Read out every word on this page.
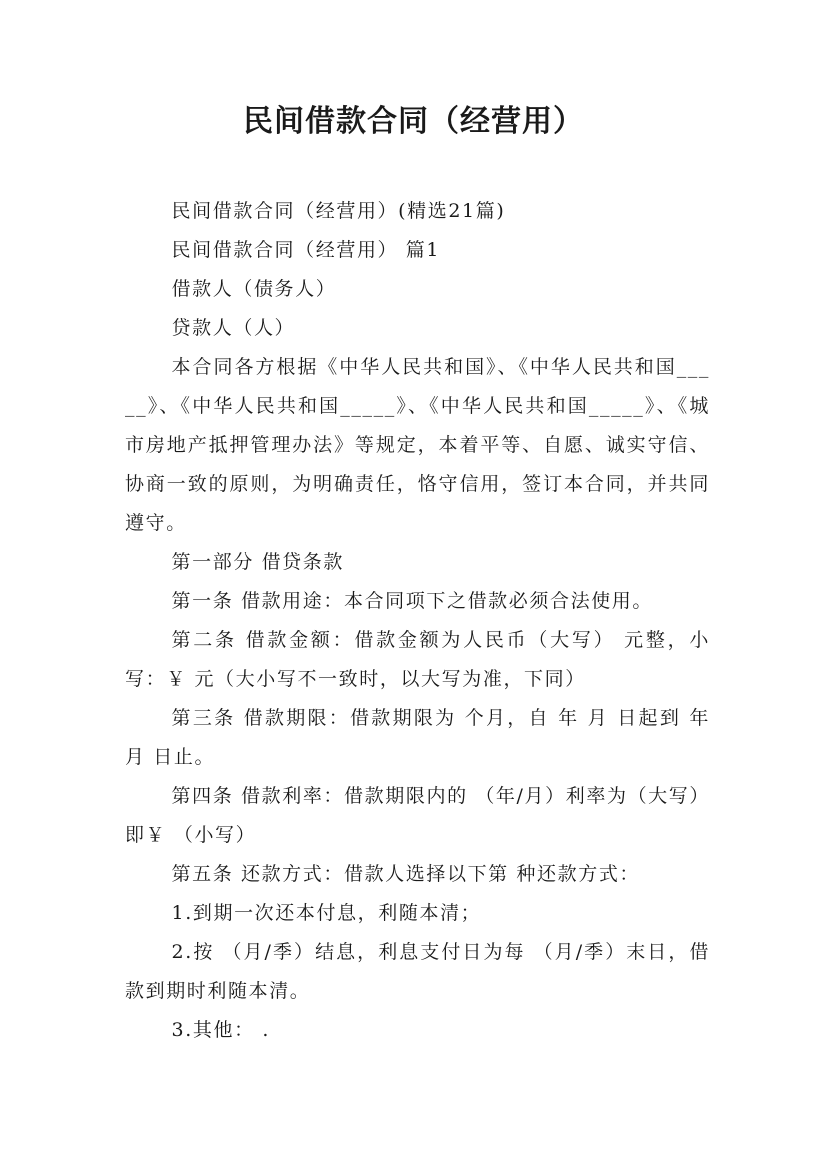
民间借款合同（经营用）

民间借款合同（经营用）(精选21篇)

民间借款合同（经营用） 篇1

借款人（债务人）

贷款人（人）

本合同各方根据《中华人民共和国》、《中华人民共和国_____》、《中华人民共和国_____》、《中华人民共和国_____》、《城市房地产抵押管理办法》等规定，本着平等、自愿、诚实守信、协商一致的原则，为明确责任，恪守信用，签订本合同，并共同遵守。

第一部分 借贷条款

第一条 借款用途：本合同项下之借款必须合法使用。

第二条 借款金额：借款金额为人民币（大写） 元整，小写：￥ 元（大小写不一致时，以大写为准，下同）

第三条 借款期限：借款期限为 个月，自 年 月 日起到 年 月 日止。

第四条 借款利率：借款期限内的 （年/月）利率为（大写）即￥ （小写）

第五条 还款方式：借款人选择以下第 种还款方式：

1.到期一次还本付息，利随本清；

2.按 （月/季）结息，利息支付日为每 （月/季）末日，借款到期时利随本清。

3.其他： .
